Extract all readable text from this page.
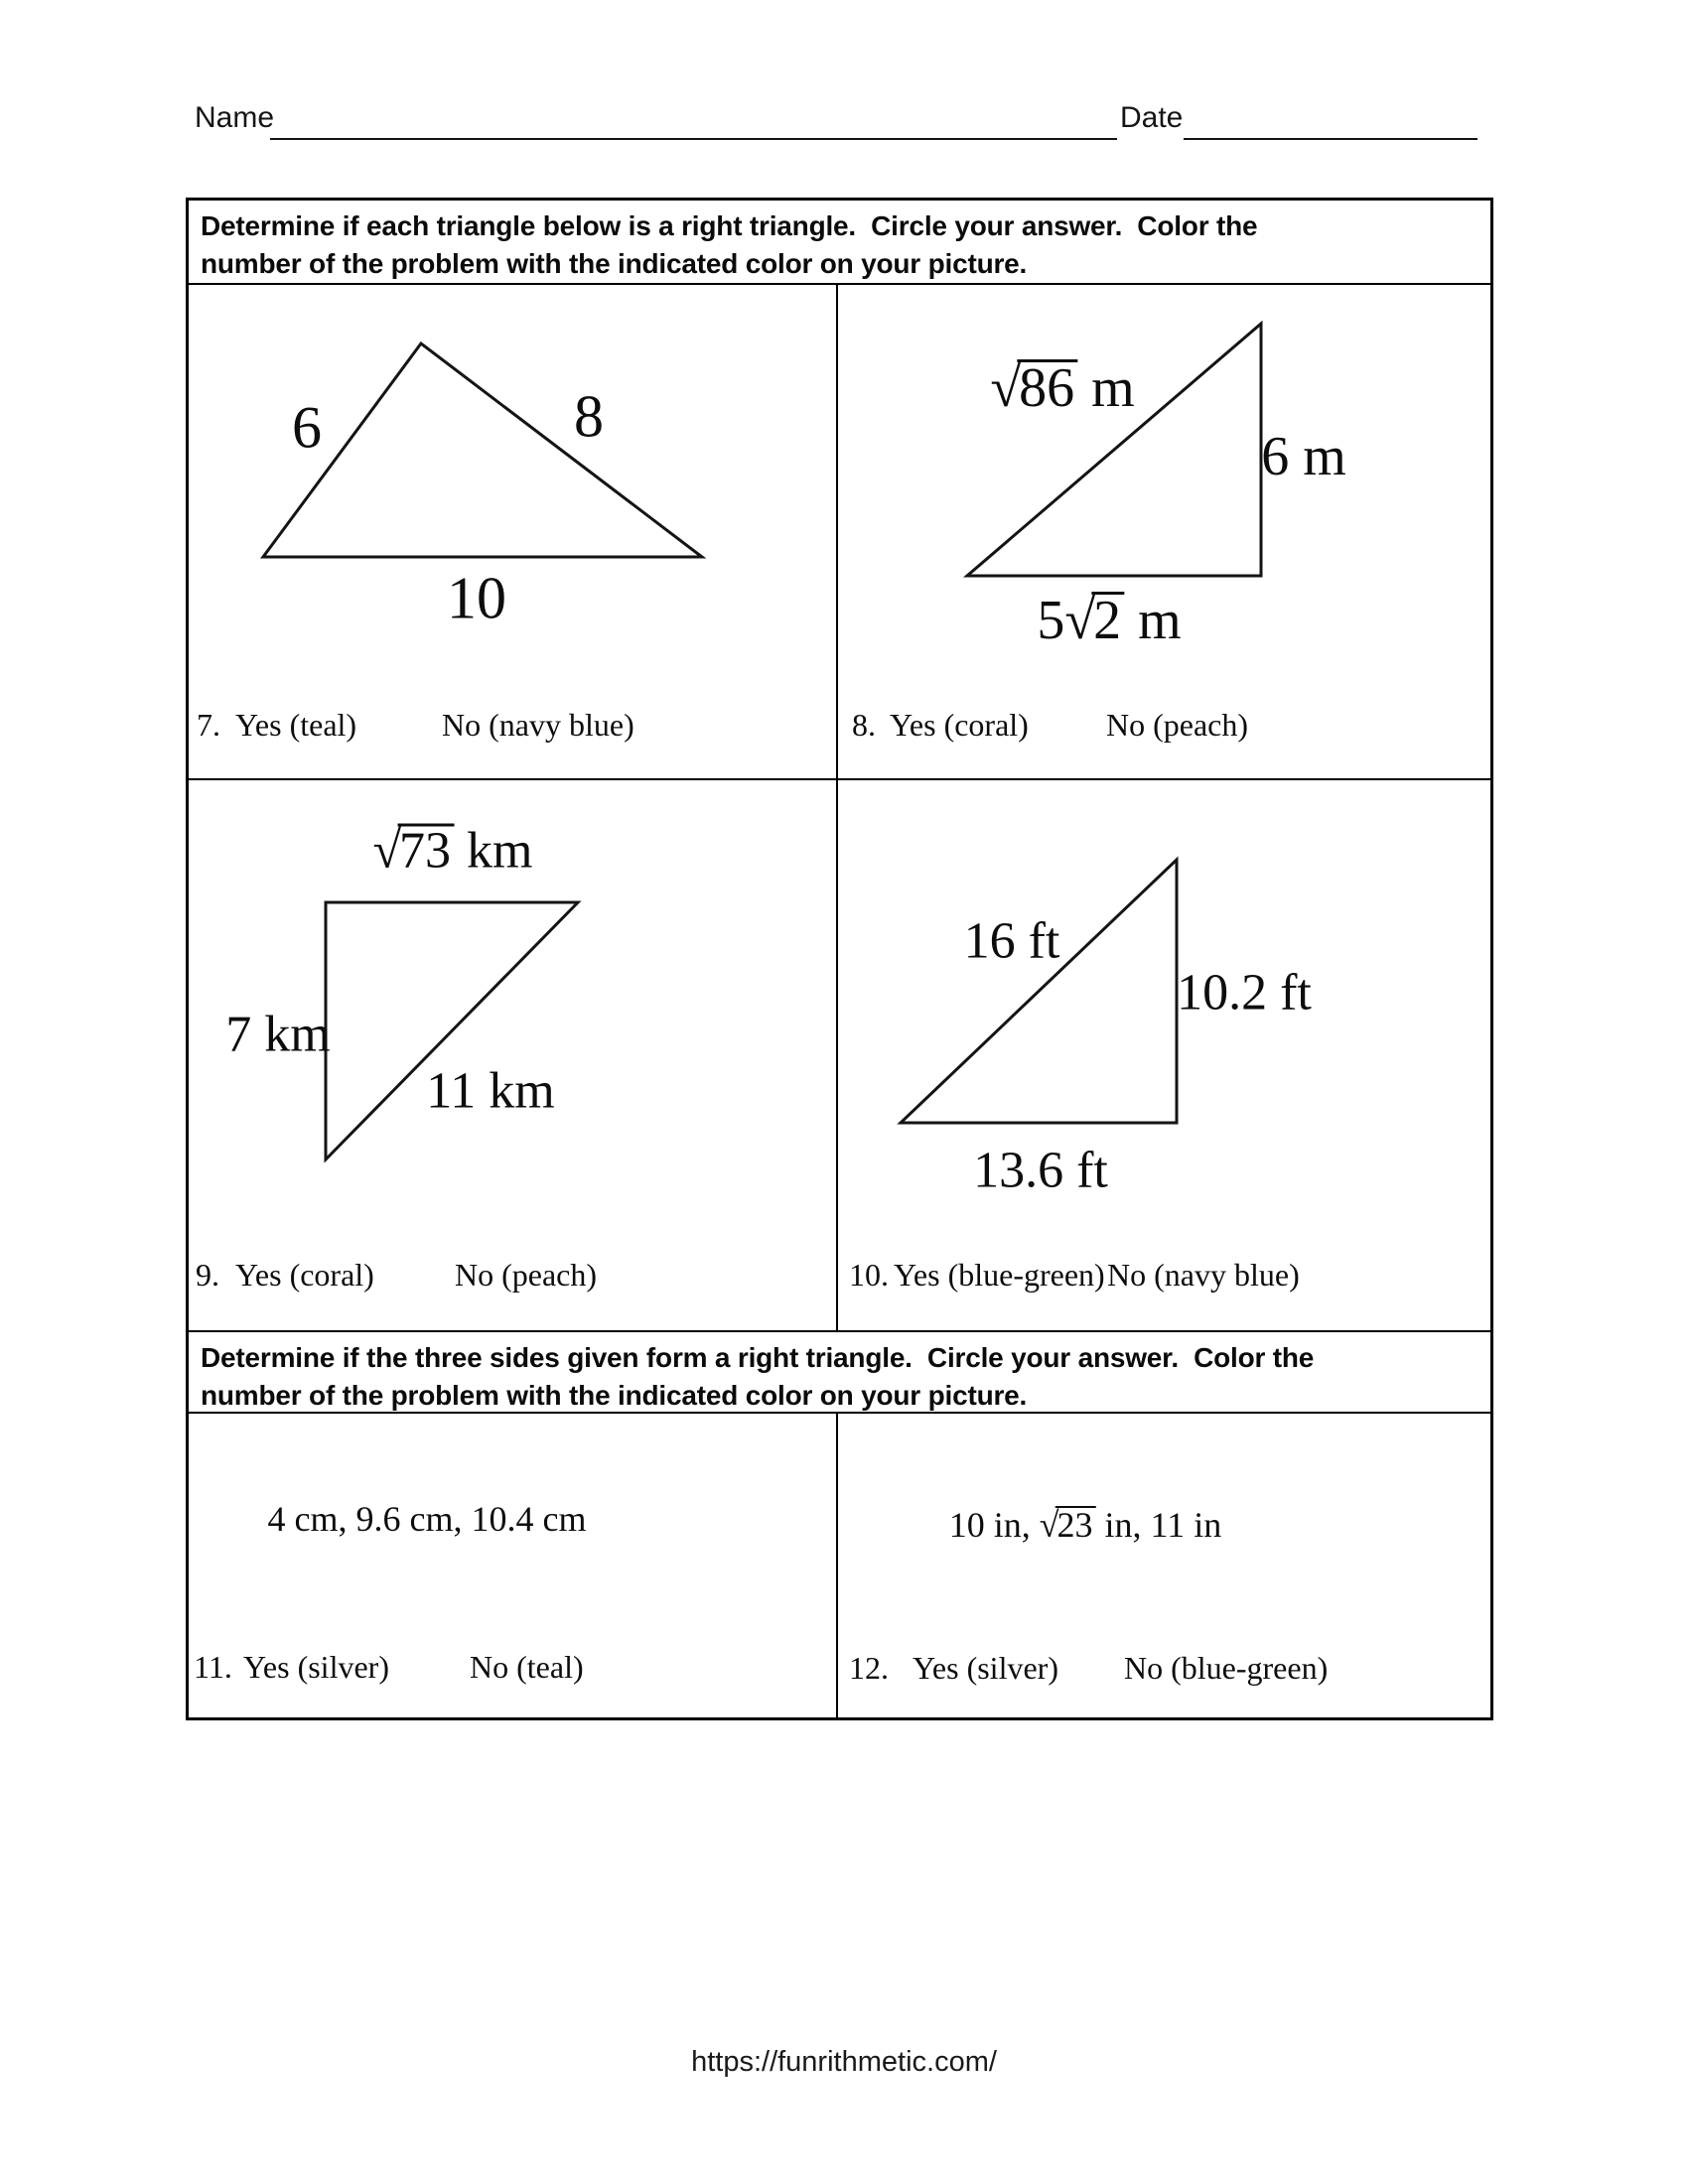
Name	Date
Determine if each triangle below is a right triangle.  Circle your answer.  Color the
number of the problem with the indicated color on your picture.
6	8
10
7. Yes (teal)	No (navy blue)
√86 m
6 m
5√2 m
8. Yes (coral) No (peach)
√73 km
7 km
11 km
9. Yes (coral)	No (peach)
16 ft
10.2 ft
13.6 ft
10. Yes (blue-green) No (navy blue)
Determine if the three sides given form a right triangle.  Circle your answer.  Color the
number of the problem with the indicated color on your picture.
4 cm, 9.6 cm, 10.4 cm
11. Yes (silver)	No (teal)
10 in, √23 in, 11 in
12. Yes (silver) No (blue-green)
https://funrithmetic.com/
